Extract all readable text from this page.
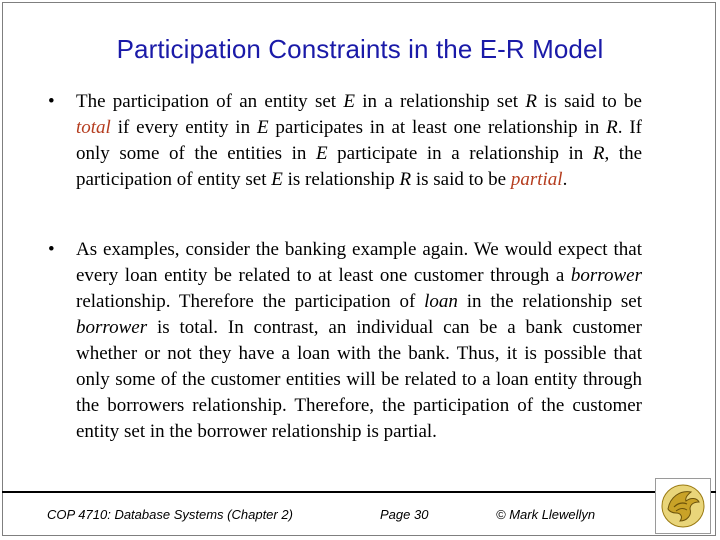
Participation Constraints in the E-R Model
• The participation of an entity set E in a relationship set R is said to be total if every entity in E participates in at least one relationship in R. If only some of the entities in E participate in a relationship in R, the participation of entity set E is relationship R is said to be partial.

• As examples, consider the banking example again. We would expect that every loan entity be related to at least one customer through a borrower relationship. Therefore the participation of loan in the relationship set borrower is total. In contrast, an individual can be a bank customer whether or not they have a loan with the bank. Thus, it is possible that only some of the customer entities will be related to a loan entity through the borrowers relationship. Therefore, the participation of the customer entity set in the borrower relationship is partial.

COP 4710: Database Systems (Chapter 2)	Page 30	© Mark Llewellyn
